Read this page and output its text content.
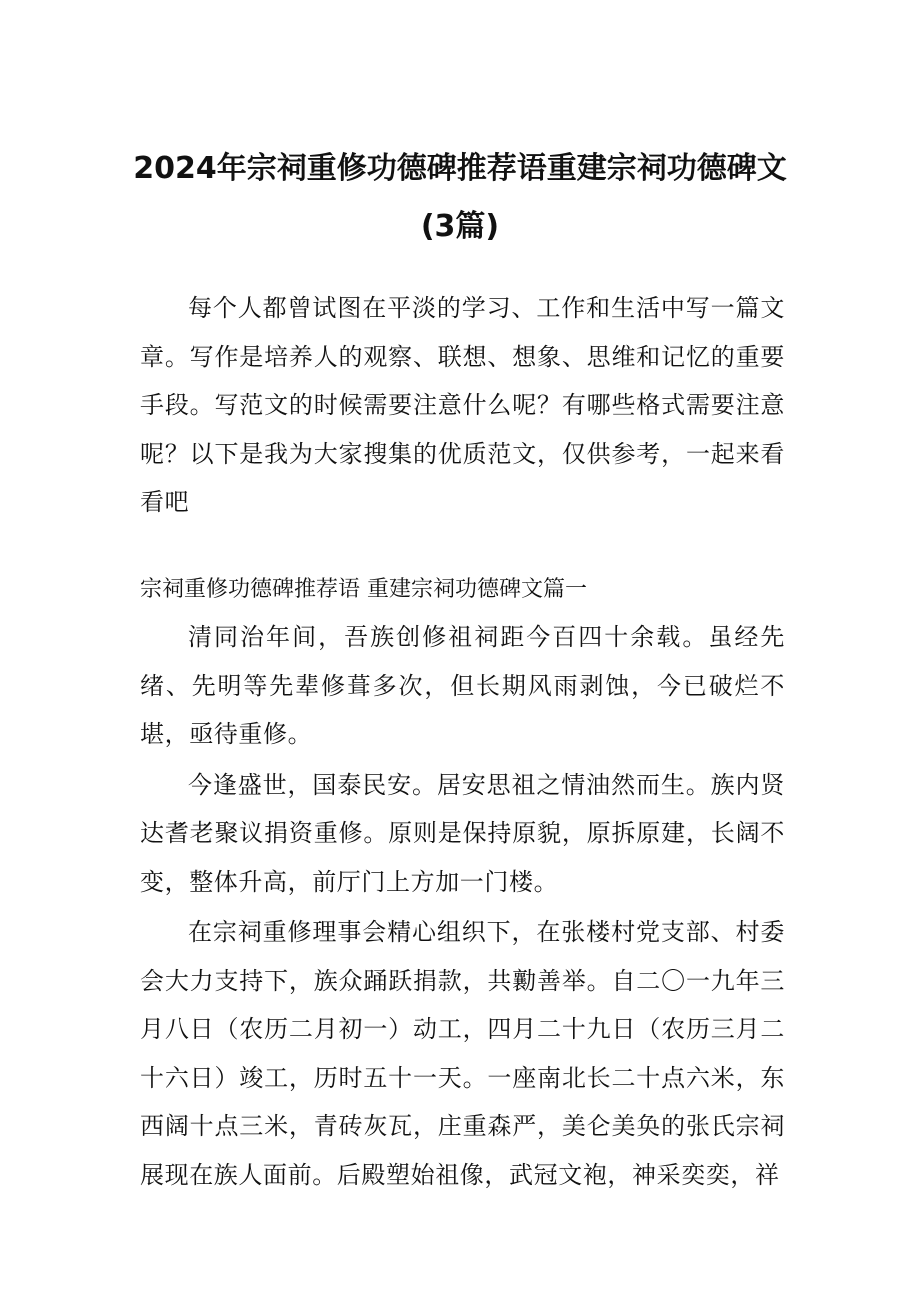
2024年宗祠重修功德碑推荐语重建宗祠功德碑文(3篇)

每个人都曾试图在平淡的学习、工作和生活中写一篇文章。写作是培养人的观察、联想、想象、思维和记忆的重要手段。写范文的时候需要注意什么呢？有哪些格式需要注意呢？以下是我为大家搜集的优质范文，仅供参考，一起来看看吧

宗祠重修功德碑推荐语 重建宗祠功德碑文篇一

清同治年间，吾族创修祖祠距今百四十余载。虽经先绪、先明等先辈修葺多次，但长期风雨剥蚀，今已破烂不堪，亟待重修。

今逢盛世，国泰民安。居安思祖之情油然而生。族内贤达耆老聚议捐资重修。原则是保持原貌，原拆原建，长阔不变，整体升高，前厅门上方加一门楼。

在宗祠重修理事会精心组织下，在张楼村党支部、村委会大力支持下，族众踊跃捐款，共勷善举。自二〇一九年三月八日（农历二月初一）动工，四月二十九日（农历三月二十六日）竣工，历时五十一天。一座南北长二十点六米，东西阔十点三米，青砖灰瓦，庄重森严，美仑美奂的张氏宗祠展现在族人面前。后殿塑始祖像，武冠文袍，神采奕奕，祥
